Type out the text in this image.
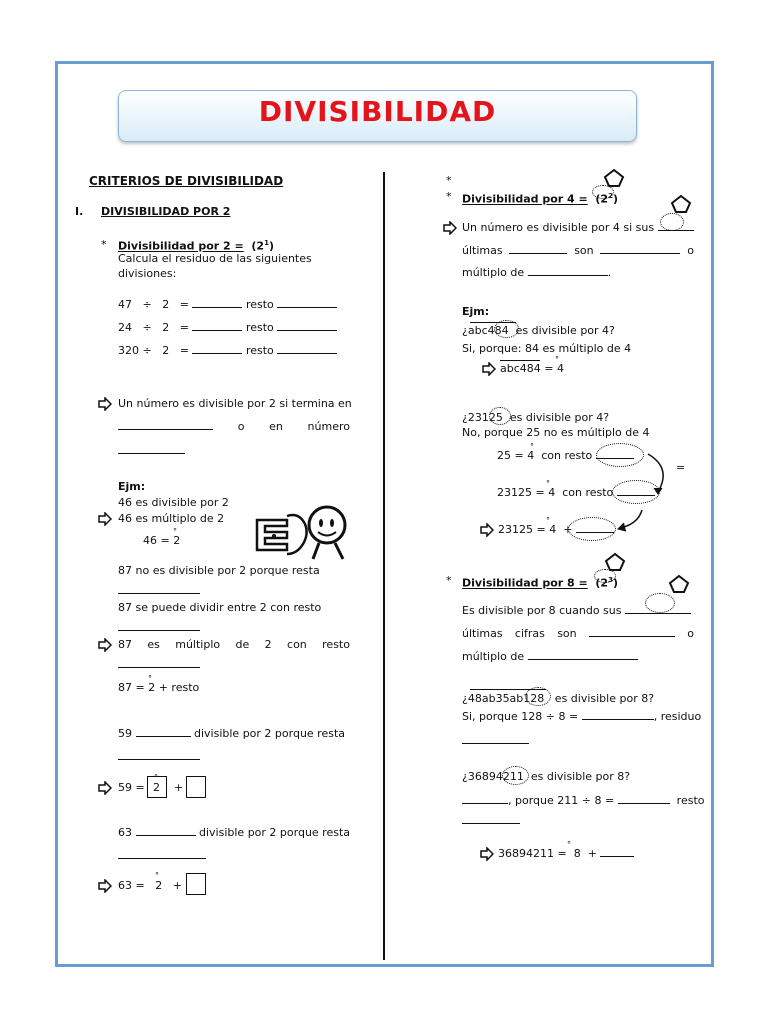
DIVISIBILIDAD
CRITERIOS DE DIVISIBILIDAD
I. DIVISIBILIDAD POR 2
* Divisibilidad por $2 = (2^1)$
Calcula el residuo de las siguientes
divisiones:
47 ÷ 2 =	resto
24 ÷ 2 =	resto
320 ÷ 2 =	resto
Un número es divisible por 2 si termina en
o en número
Ejm:
46 es divisible por 2
46 es múltiplo de 2
46 = 2
°
87 no es divisible por 2 porque resta
87 se puede dividir entre 2 con resto
87 es múltiplo de 2 con resto
87 = 2 + resto
°
59	divisible por 2 porque resta
59 = 2
°
+
63	divisible por 2 porque resta
63 = 2 +
°
*
* Divisibilidad por $4 = (2^2)$
Un número es divisible por 4 si sus
últimas	son	o
múltiplo de	.
Ejm:
¿abc484 es divisible por 4?
Si, porque: 84 es múltiplo de 4
abc484 = 4
°
¿23125 es divisible por 4?
No, porque 25 no es múltiplo de 4
25 = 4 con resto
°
=
23125 = 4 con resto
°
23125 = 4 +
°
* Divisibilidad por $8 = (2^3)$
Es divisible por 8 cuando sus
últimas cifras son	o
múltiplo de
¿48ab35ab128 es divisible por 8?
Si, porque 128 ÷ 8 =	, residuo
¿36894211 es divisible por 8?
, porque 211 ÷ 8 =	resto
36894211 = 8 +
°
